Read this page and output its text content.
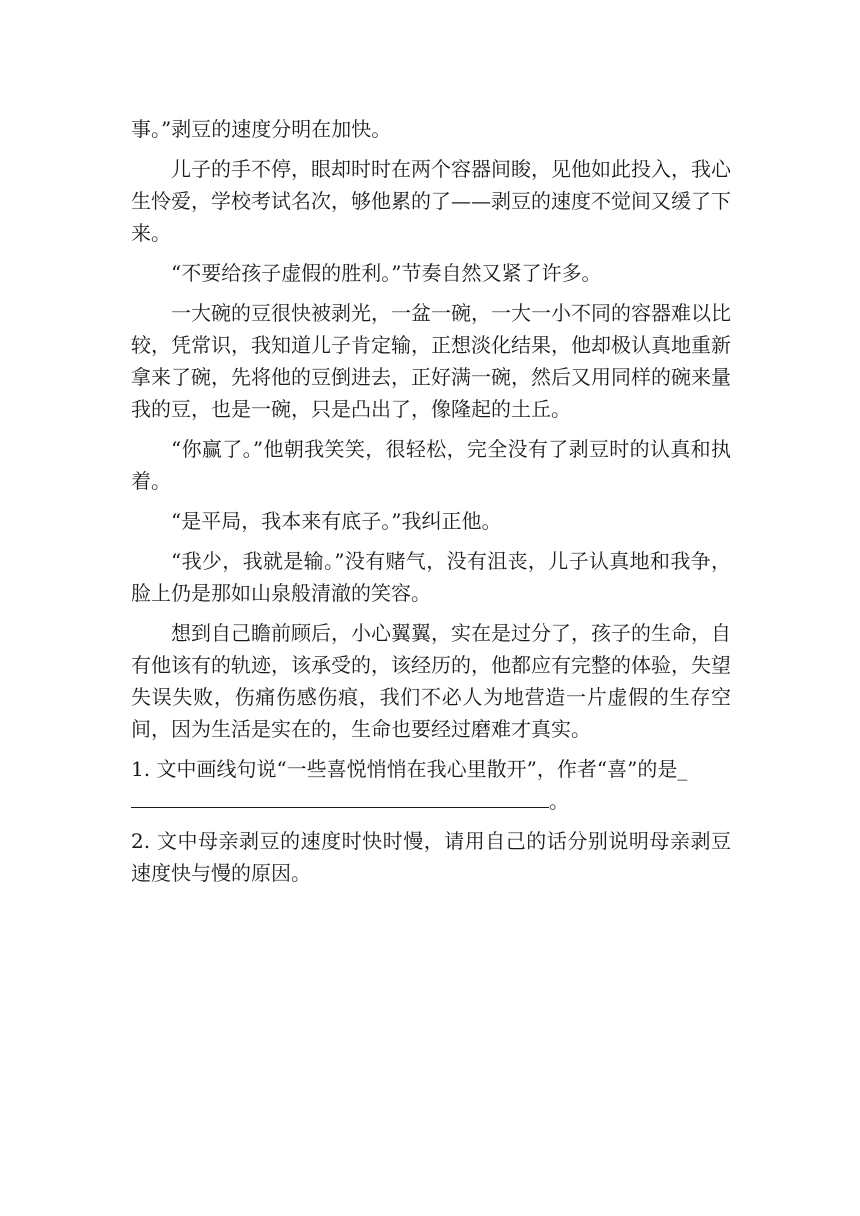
事。”剥豆的速度分明在加快。

儿子的手不停，眼却时时在两个容器间睃，见他如此投入，我心生怜爱，学校考试名次，够他累的了——剥豆的速度不觉间又缓了下来。

“不要给孩子虚假的胜利。”节奏自然又紧了许多。

一大碗的豆很快被剥光，一盆一碗，一大一小不同的容器难以比较，凭常识，我知道儿子肯定输，正想淡化结果，他却极认真地重新拿来了碗，先将他的豆倒进去，正好满一碗，然后又用同样的碗来量我的豆，也是一碗，只是凸出了，像隆起的土丘。

“你赢了。”他朝我笑笑，很轻松，完全没有了剥豆时的认真和执着。

“是平局，我本来有底子。”我纠正他。

“我少，我就是输。”没有赌气，没有沮丧，儿子认真地和我争，脸上仍是那如山泉般清澈的笑容。

想到自己瞻前顾后，小心翼翼，实在是过分了，孩子的生命，自有他该有的轨迹，该承受的，该经历的，他都应有完整的体验，失望失误失败，伤痛伤感伤痕，我们不必人为地营造一片虚假的生存空间，因为生活是实在的，生命也要经过磨难才真实。

1. 文中画线句说“一些喜悦悄悄在我心里散开”，作者“喜”的是_

。

2. 文中母亲剥豆的速度时快时慢，请用自己的话分别说明母亲剥豆速度快与慢的原因。
